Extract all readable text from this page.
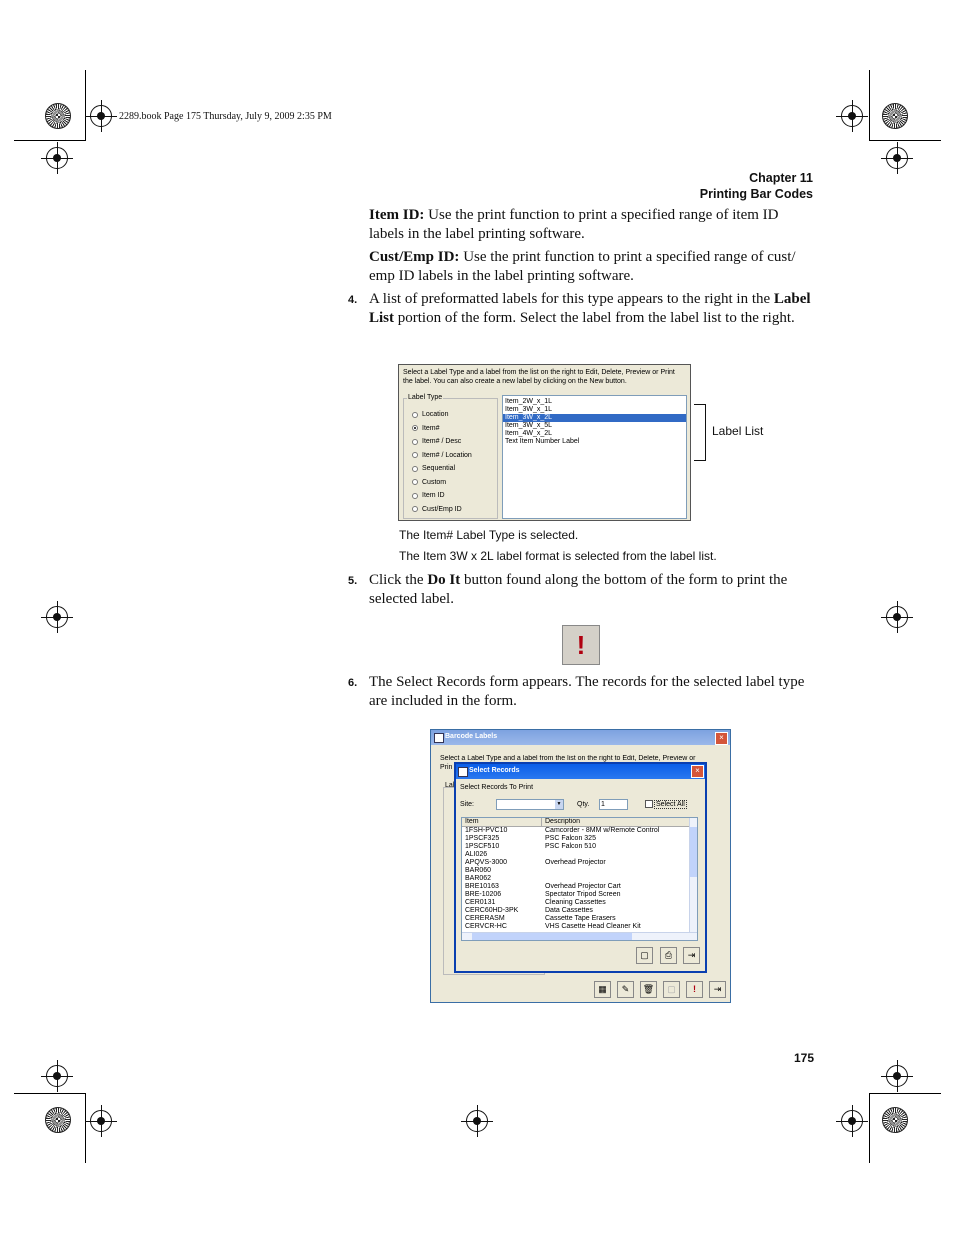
2289.book Page 175 Thursday, July 9, 2009 2:35 PM
Chapter 11
Printing Bar Codes
Item ID: Use the print function to print a specified range of item ID labels in the label printing software.
Cust/Emp ID: Use the print function to print a specified range of cust/ emp ID labels in the label printing software.
4. A list of preformatted labels for this type appears to the right in the Label List portion of the form. Select the label from the label list to the right.
Select a Label Type and a label from the list on the right to Edit, Delete, Preview or Print the label. You can also create a new label by clicking on the New button.
Label Type
Location
Item#
Item# / Desc
Item# / Location
Sequential
Custom
Item ID
Cust/Emp ID
Item_2W_x_1L
Item_3W_x_1L
Item_3W_x_2L
Item_3W_x_5L
Item_4W_x_2L
Text Item Number Label
Label List
The Item# Label Type is selected.
The Item 3W x 2L label format is selected from the label list.
5. Click the Do It button found along the bottom of the form to print the selected label.
!
6. The Select Records form appears. The records for the selected label type are included in the form.
Barcode Labels	×
Select a Label Type and a label from the list on the right to Edit, Delete, Preview or
Prin
Lal
▦	✎	🗑	▢	!	⇥
Select Records	×
Select Records To Print
Site:	▼ Qty. 1	Select All
Item	Description
1FSH-PVC10	Camcorder - 8MM w/Remote Control
1PSCF325	PSC Falcon 325
1PSCF510	PSC Falcon 510
ALI026
APQVS-3000	Overhead Projector
BAR060
BAR062
BRE10163	Overhead Projector Cart
BRE-10206	Spectator Tripod Screen
CER0131	Cleaning Cassettes
CERC60HD-3PK	Data Cassettes
CERERASM	Cassette Tape Erasers
CERVCR-HC	VHS Casette Head Cleaner Kit
▢	⎙	⇥
175
